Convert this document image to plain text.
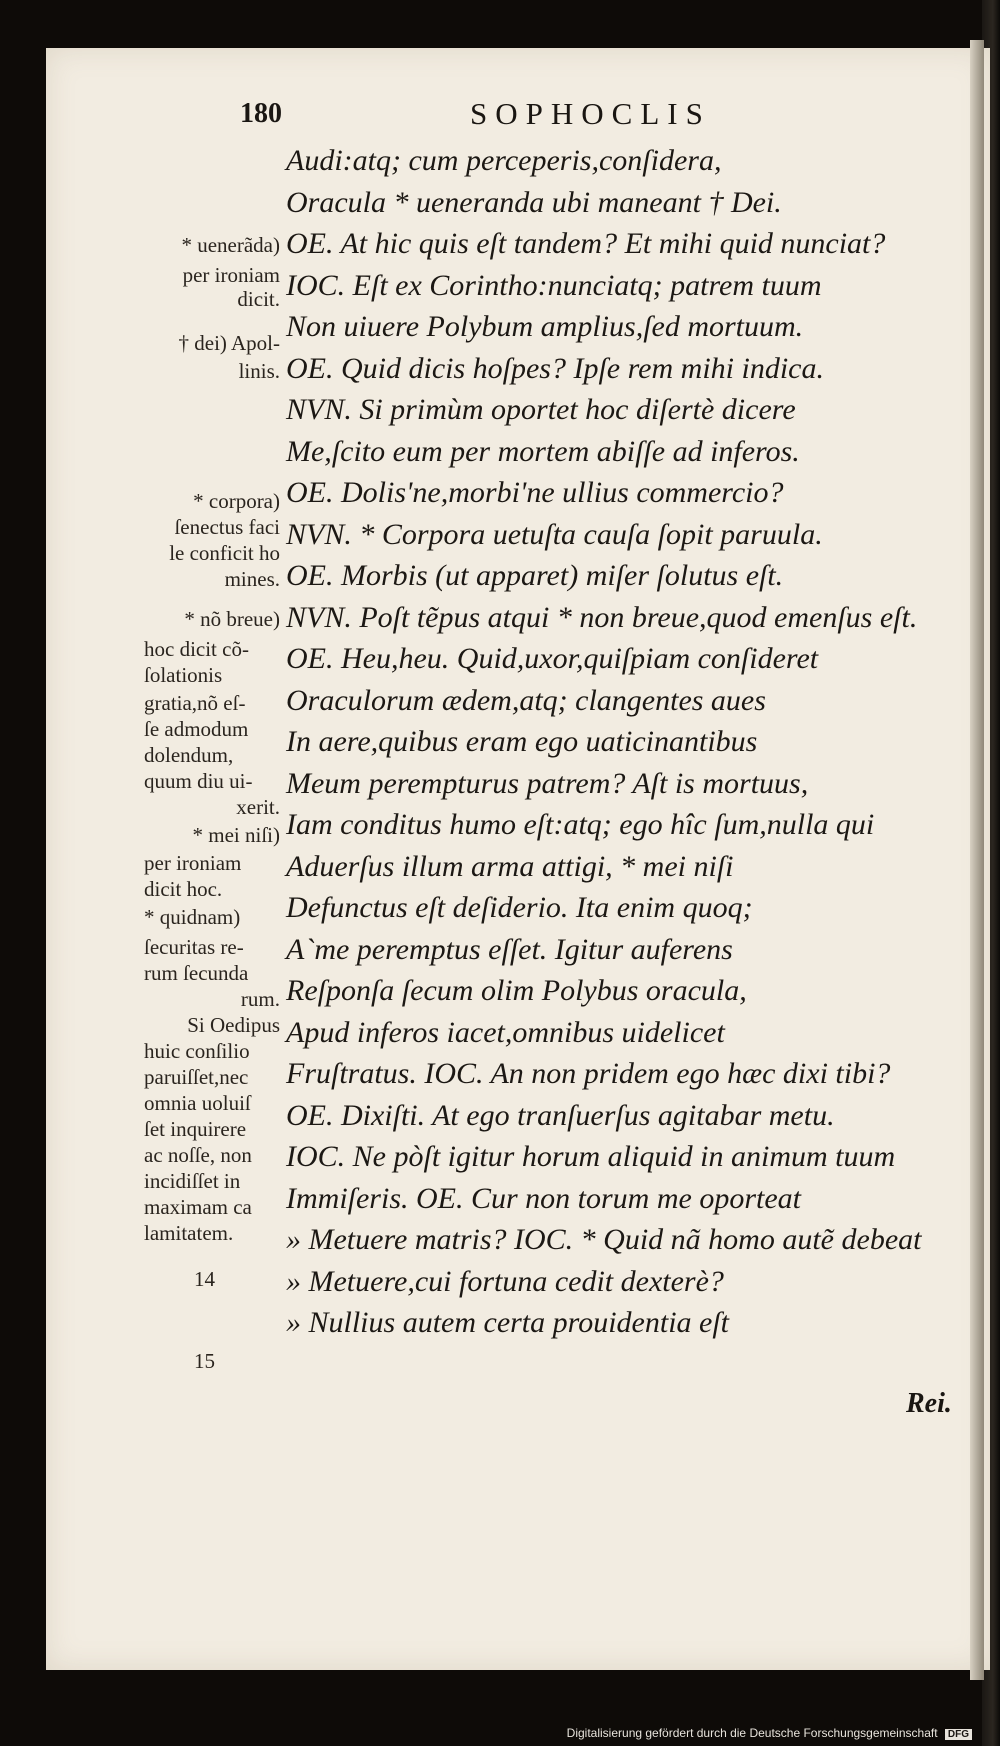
180	SOPHOCLIS
Audi:atq; cum perceperis,conſidera,
Oracula * ueneranda ubi maneant † Dei.
OE. At hic quis eſt tandem? Et mihi quid nunciat?
IOC. Eſt ex Corinthο:nunciatq; patrem tuum
Non uiuere Polybum amplius,ſed mortuum.
OE. Quid dicis hoſpes? Ipſe rem mihi indica.
NVN. Si primùm oportet hoc diſertè dicere
Me,ſcito eum per mortem abiſſe ad inferos.
OE. Dolis'ne,morbi'ne ullius commercio?
NVN. * Corpora uetuſta cauſa ſopit paruula.
OE. Morbis (ut apparet) miſer ſolutus eſt.
NVN. Poſt tẽpus atqui * non breue,quod emenſus eſt.
OE. Heu,heu. Quid,uxor,quiſpiam conſideret
Oraculorum ædem,atq; clangentes aues
In aere,quibus eram ego uaticinantibus
Meum perempturus patrem? Aſt is mortuus,
Iam conditus humo eſt:atq; ego hîc ſum,nulla qui
Aduerſus illum arma attigi, * mei niſi
Defunctus eſt deſiderio. Ita enim quoq;
A`me peremptus eſſet. Igitur auferens
Reſponſa ſecum olim Polybus oracula,
Apud inferos iacet,omnibus uidelicet
Fruſtratus. IOC. An non pridem ego hæc dixi tibi?
OE. Dixiſti. At ego tranſuerſus agitabar metu.
IOC. Ne pòſt igitur horum aliquid in animum tuum
Immiſeris. OE. Cur non torum me oporteat
» Metuere matris? IOC. * Quid nã homo autẽ debeat
» Metuere,cui fortuna cedit dexterè?
» Nullius autem certa prouidentia eſt
* uenerãda)
per ironiam
dicit.
† dei) Apol-
linis.
* corpora)
ſenectus faci
le conficit ho
mines.
* nõ breue)
hoc dicit cõ-
ſolationis
gratia,nõ eſ-
ſe admodum
dolendum,
quum diu ui-
xerit.
* mei niſi)
per ironiam
dicit hoc.
* quidnam)
ſecuritas re-
rum ſecunda
rum.
Si Oedipus
huic conſilio
paruiſſet,nec
omnia uoluiſ
ſet inquirere
ac noſſe, non
incidiſſet in
maximam ca
lamitatem.
14
15
Rei.
Digitalisierung gefördert durch die Deutsche Forschungsgemeinschaft DFG
